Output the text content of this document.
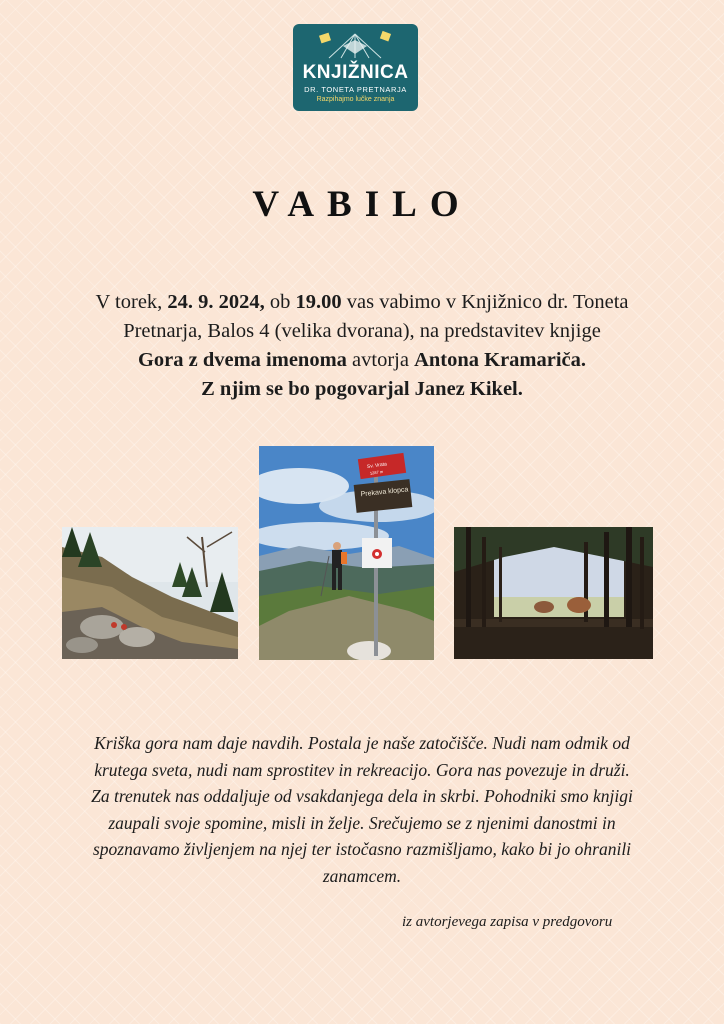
KNJIŽNICA
DR. TONETA PRETNARJA
Razpihajmo lučke znanja
VABILO
V torek, 24. 9. 2024, ob 19.00 vas vabimo v Knjižnico dr. Toneta
Pretnarja, Balos 4 (velika dvorana), na predstavitev knjige
Gora z dvema imenoma avtorja Antona Kramariča.
Z njim se bo pogovarjal Janez Kikel.
Sv. Vrata
1287 m
Prekava klopca
Kriška gora nam daje navdih. Postala je naše zatočišče. Nudi nam odmik od
krutega sveta, nudi nam sprostitev in rekreacijo. Gora nas povezuje in druži.
Za trenutek nas oddaljuje od vsakdanjega dela in skrbi. Pohodniki smo knjigi
zaupali svoje spomine, misli in želje. Srečujemo se z njenimi danostmi in
spoznavamo življenjem na njej ter istočasno razmišljamo, kako bi jo ohranili
zanamcem.
iz avtorjevega zapisa v predgovoru
